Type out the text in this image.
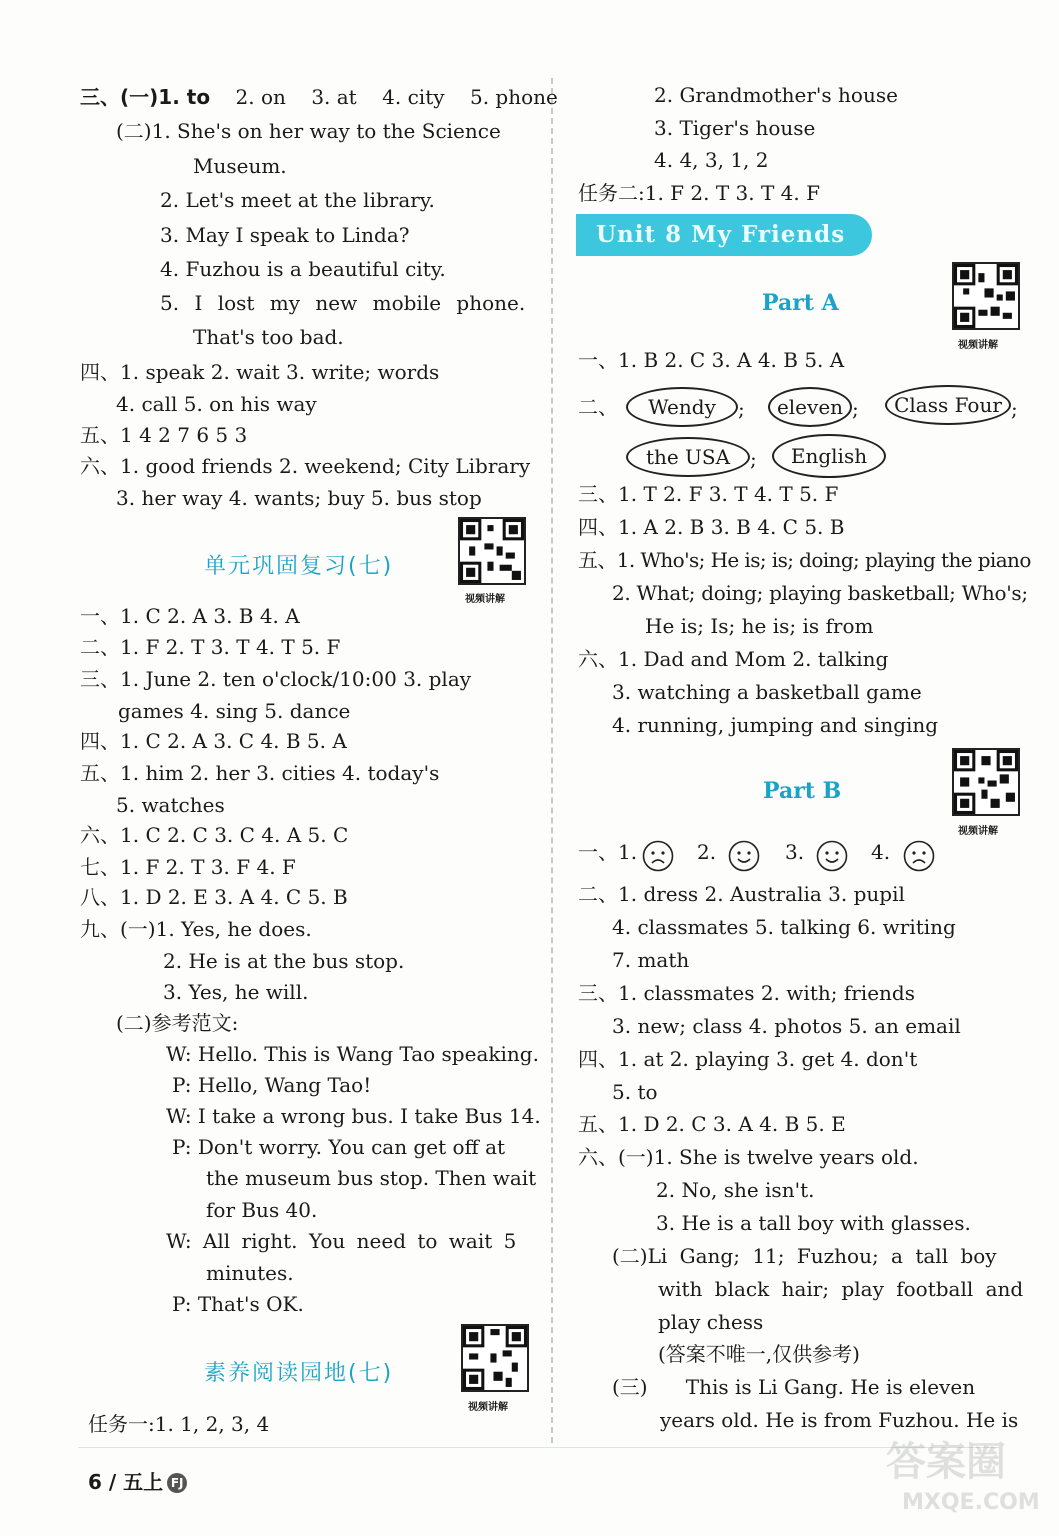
三、(一)1. to 2. on 3. at 4. city 5. phone
(二)1. She's on her way to the Science
Museum.
2. Let's meet at the library.
3. May I speak to Linda?
4. Fuzhou is a beautiful city.
5. I lost my new mobile phone.
That's too bad.
四、1. speak 2. wait 3. write; words
4. call 5. on his way
五、1 4 2 7 6 5 3
六、1. good friends 2. weekend; City Library
3. her way 4. wants; buy 5. bus stop
单元巩固复习(七)
视频讲解
一、1. C 2. A 3. B 4. A
二、1. F 2. T 3. T 4. T 5. F
三、1. June 2. ten o'clock/10:00 3. play
games 4. sing 5. dance
四、1. C 2. A 3. C 4. B 5. A
五、1. him 2. her 3. cities 4. today's
5. watches
六、1. C 2. C 3. C 4. A 5. C
七、1. F 2. T 3. F 4. F
八、1. D 2. E 3. A 4. C 5. B
九、(一)1. Yes, he does.
2. He is at the bus stop.
3. Yes, he will.
(二)参考范文:
W: Hello. This is Wang Tao speaking.
P: Hello, Wang Tao!
W: I take a wrong bus. I take Bus 14.
P: Don't worry. You can get off at
the museum bus stop. Then wait
for Bus 40.
W: All right. You need to wait 5
minutes.
P: That's OK.
素养阅读园地(七)
视频讲解
任务一:1. 1, 2, 3, 4
2. Grandmother's house
3. Tiger's house
4. 4, 3, 1, 2
任务二:1. F 2. T 3. T 4. F
Unit 8 My Friends
Part A
视频讲解
一、1. B 2. C 3. A 4. B 5. A
二、	Wendy	;	eleven ;	Class Four ;
the USA ;	English
三、1. T 2. F 3. T 4. T 5. F
四、1. A 2. B 3. B 4. C 5. B
五、1. Who's; He is; is; doing; playing the piano
2. What; doing; playing basketball; Who's;
He is; Is; he is; is from
六、1. Dad and Mom 2. talking
3. watching a basketball game
4. running, jumping and singing
Part B
视频讲解
一、1.	2.	3.	4.
二、1. dress 2. Australia 3. pupil
4. classmates 5. talking 6. writing
7. math
三、1. classmates 2. with; friends
3. new; class 4. photos 5. an email
四、1. at 2. playing 3. get 4. don't
5. to
五、1. D 2. C 3. A 4. B 5. E
六、(一)1. She is twelve years old.
2. No, she isn't.
3. He is a tall boy with glasses.
(二)Li Gang; 11; Fuzhou; a tall boy
with black hair; play football and
play chess
(答案不唯一,仅供参考)
(三)      This is Li Gang. He is eleven
years old. He is from Fuzhou. He is
6 / 五上 FJ	答案圈
MXQE.COM
